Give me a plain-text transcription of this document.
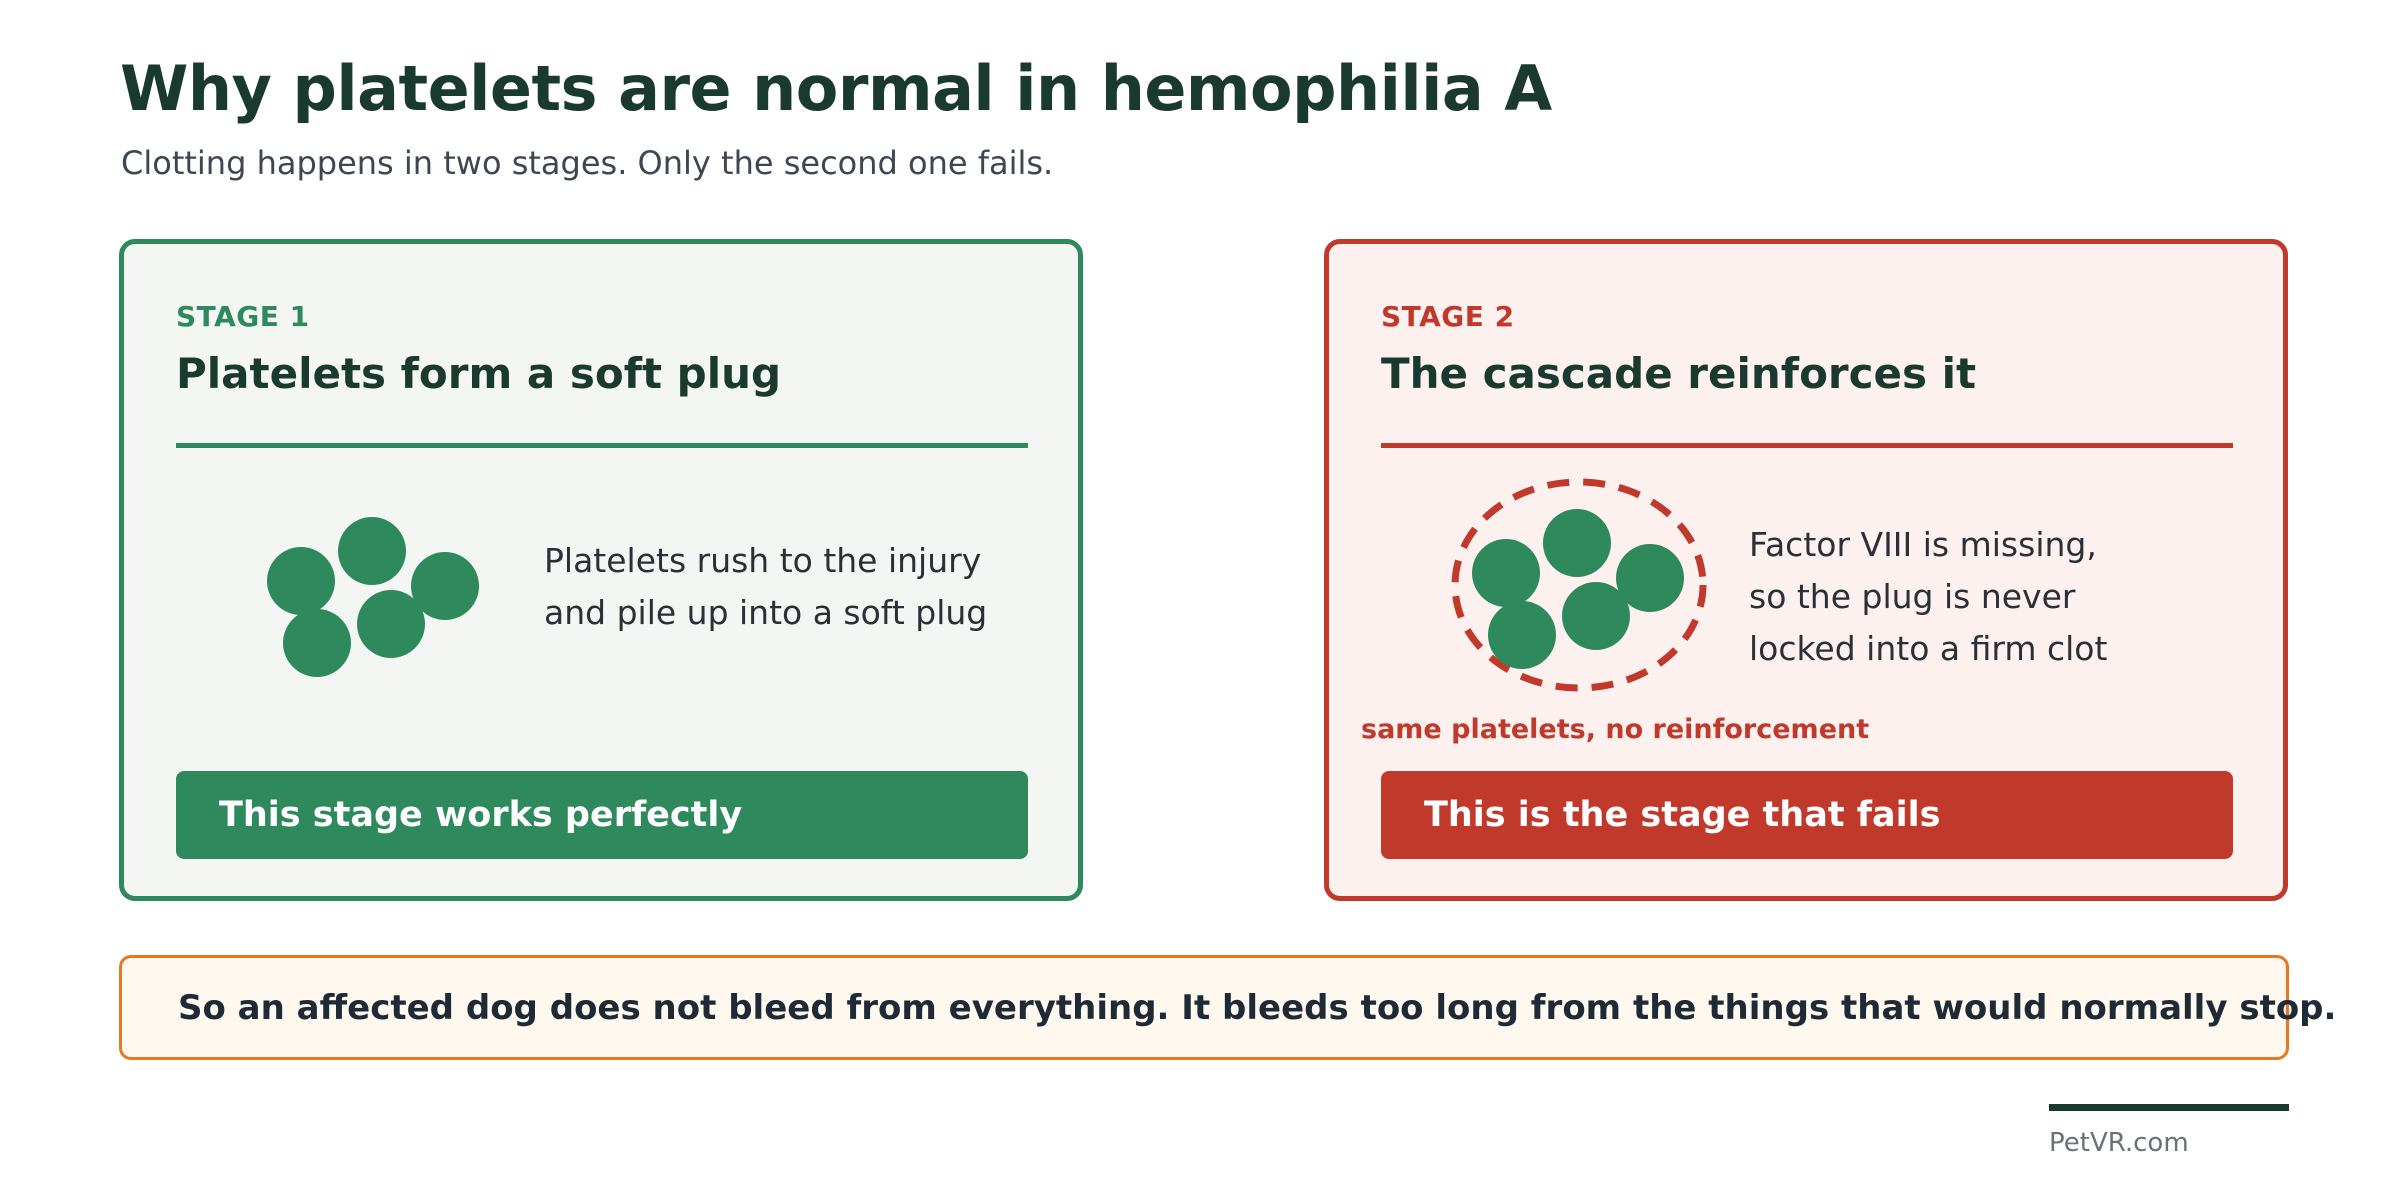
Why platelets are normal in hemophilia A

Clotting happens in two stages. Only the second one fails.

STAGE 1
Platelets form a soft plug
Platelets rush to the injury
and pile up into a soft plug
This stage works perfectly
STAGE 2
The cascade reinforces it
Factor VIII is missing,
so the plug is never
locked into a firm clot
same platelets, no reinforcement
This is the stage that fails
So an affected dog does not bleed from everything. It bleeds too long from the things that would normally stop.
PetVR.com
